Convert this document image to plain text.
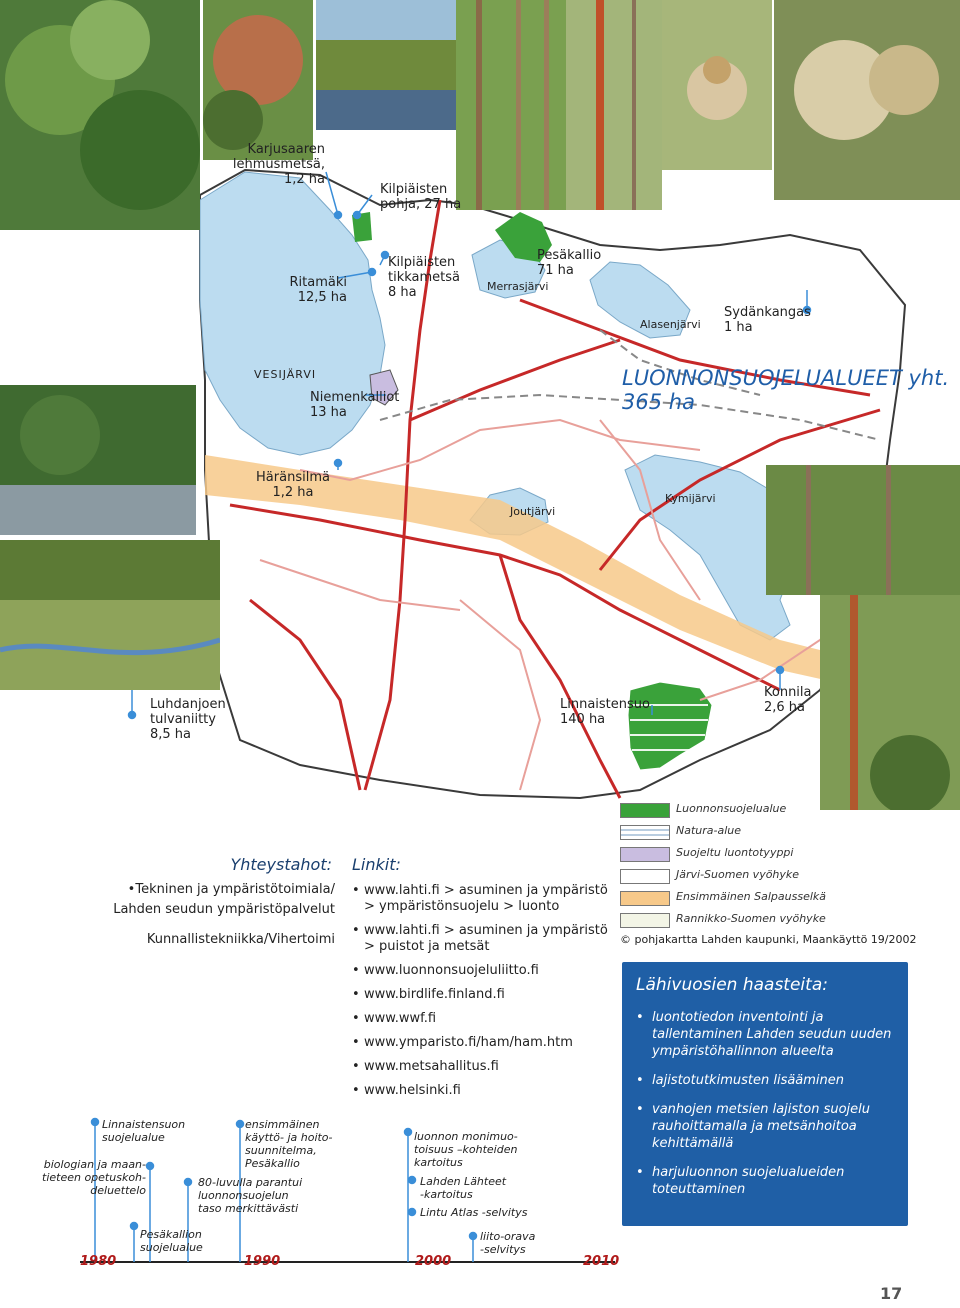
Karjusaaren lehmusmetsä,
1,2 ha
Kilpiäisten
pohja, 27 ha
Ritamäki
12,5 ha
Kilpiäisten
tikkametsä
8 ha
Pesäkallio
71 ha
Sydänkangas
1 ha
Niemenkalliot
13 ha
Häränsilmä
1,2 ha
Luhdanjoen
tulvaniitty
8,5 ha
Linnaistensuo
140 ha
Konnila
2,6 ha
Merrasjärvi
Alasenjärvi
VESIJÄRVI
Joutjärvi
Kymijärvi
LUONNONSUOJELUALUEET yht. 365 ha
Luonnonsuojelualue
Natura-alue
Suojeltu luontotyyppi
Järvi-Suomen vyöhyke
Ensimmäinen Salpausselkä
Rannikko-Suomen vyöhyke
© pohjakartta Lahden kaupunki, Maankäyttö 19/2002
Yhteystahot:
• Tekninen ja ympäristötoimiala/
Lahden seudun ympäristöpalvelut
Kunnallistekniikka/Vihertoimi
Linkit:
• www.lahti.fi > asuminen ja ympäristö
> ympäristönsuojelu > luonto
• www.lahti.fi > asuminen ja ympäristö
> puistot ja metsät
• www.luonnonsuojeluliitto.fi
• www.birdlife.finland.fi
• www.wwf.fi
• www.ymparisto.fi/ham/ham.htm
• www.metsahallitus.fi
• www.helsinki.fi
Lähivuosien haasteita:
• luontotiedon inventointi ja tallentaminen Lahden seudun uuden ympäristöhallinnon alueelta
• lajistotutkimusten lisääminen
• vanhojen metsien lajiston suojelu rauhoittamalla ja metsänhoitoa kehittämällä
• harjuluonnon suojelualueiden toteuttaminen
1980	1990	2000	2010
Linnaistensuon
suojelualue
biologian ja maan-
tieteen opetuskoh-
deluettelo
Pesäkallion
suojelualue
ensimmäinen
käyttö- ja hoito-
suunnitelma,
Pesäkallio
80-luvulla parantui
luonnonsuojelun
taso merkittävästi
luonnon monimuo-
toisuus –kohteiden
kartoitus
Lahden Lähteet
-kartoitus
Lintu Atlas -selvitys
liito-orava
-selvitys
17
